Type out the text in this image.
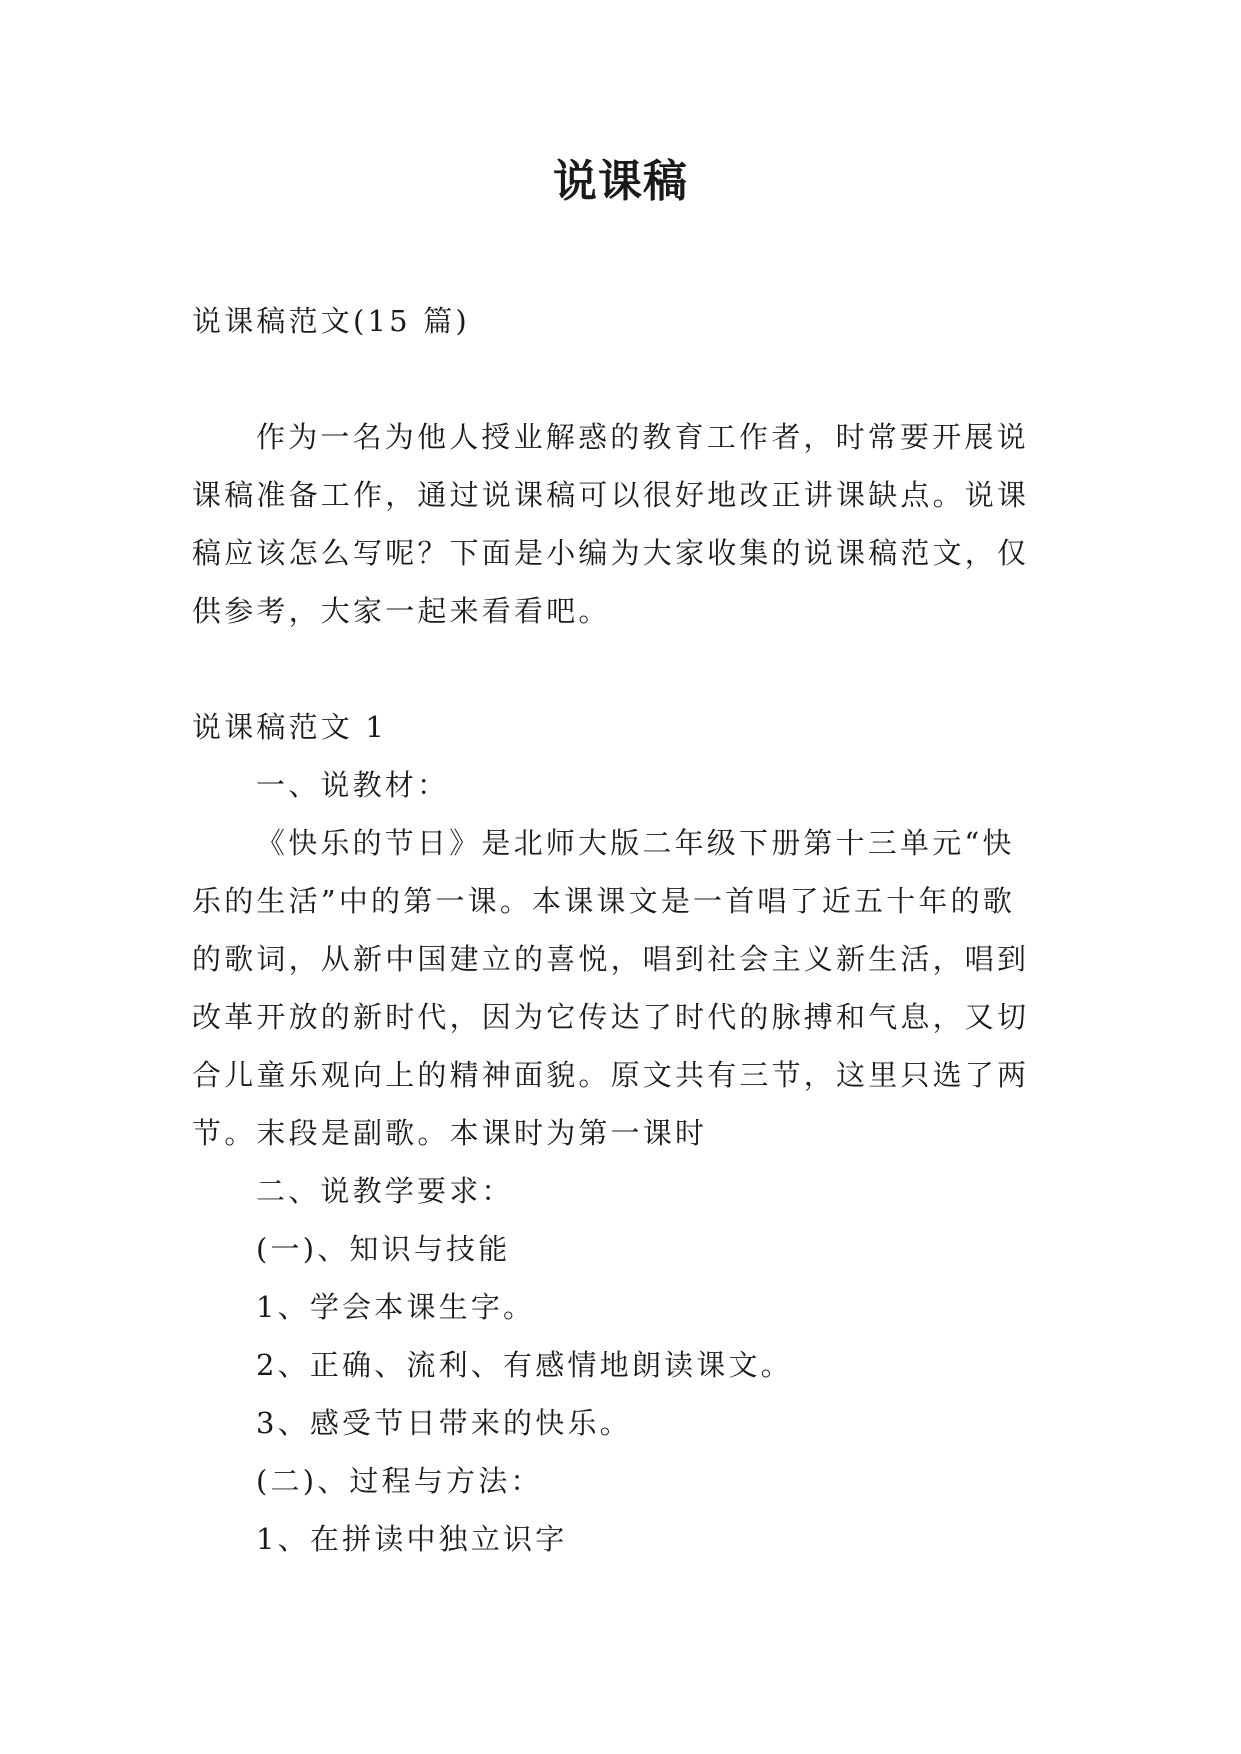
说课稿

说课稿范文(15 篇)

作为一名为他人授业解惑的教育工作者，时常要开展说

课稿准备工作，通过说课稿可以很好地改正讲课缺点。说课

稿应该怎么写呢？下面是小编为大家收集的说课稿范文，仅

供参考，大家一起来看看吧。

说课稿范文 1

一、说教材：

《快乐的节日》是北师大版二年级下册第十三单元“快

乐的生活”中的第一课。本课课文是一首唱了近五十年的歌

的歌词，从新中国建立的喜悦，唱到社会主义新生活，唱到

改革开放的新时代，因为它传达了时代的脉搏和气息，又切

合儿童乐观向上的精神面貌。原文共有三节，这里只选了两

节。末段是副歌。本课时为第一课时

二、说教学要求：

(一)、知识与技能

1、学会本课生字。

2、正确、流利、有感情地朗读课文。

3、感受节日带来的快乐。

(二)、过程与方法：

1、在拼读中独立识字
